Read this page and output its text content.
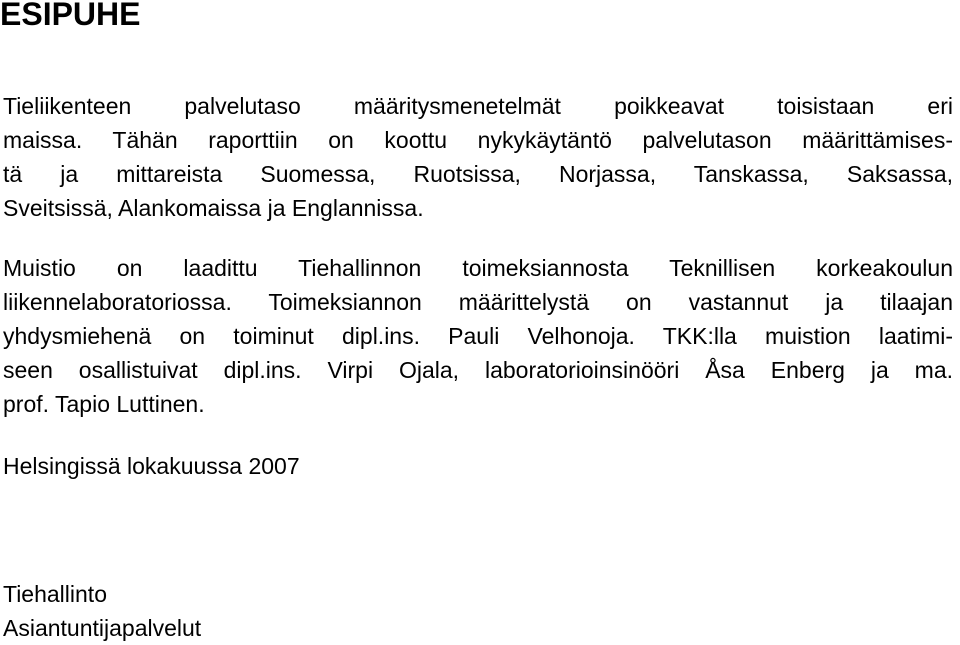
ESIPUHE
Tieliikenteen palvelutaso määritysmenetelmät poikkeavat toisistaan eri
maissa. Tähän raporttiin on koottu nykykäytäntö palvelutason määrittämises-
tä ja mittareista Suomessa, Ruotsissa, Norjassa, Tanskassa, Saksassa,
Sveitsissä, Alankomaissa ja Englannissa.
Muistio on laadittu Tiehallinnon toimeksiannosta Teknillisen korkeakoulun
liikennelaboratoriossa. Toimeksiannon määrittelystä on vastannut ja tilaajan
yhdysmiehenä on toiminut dipl.ins. Pauli Velhonoja. TKK:lla muistion laatimi-
seen osallistuivat dipl.ins. Virpi Ojala, laboratorioinsinööri Åsa Enberg ja ma.
prof. Tapio Luttinen.
Helsingissä lokakuussa 2007
Tiehallinto
Asiantuntijapalvelut
